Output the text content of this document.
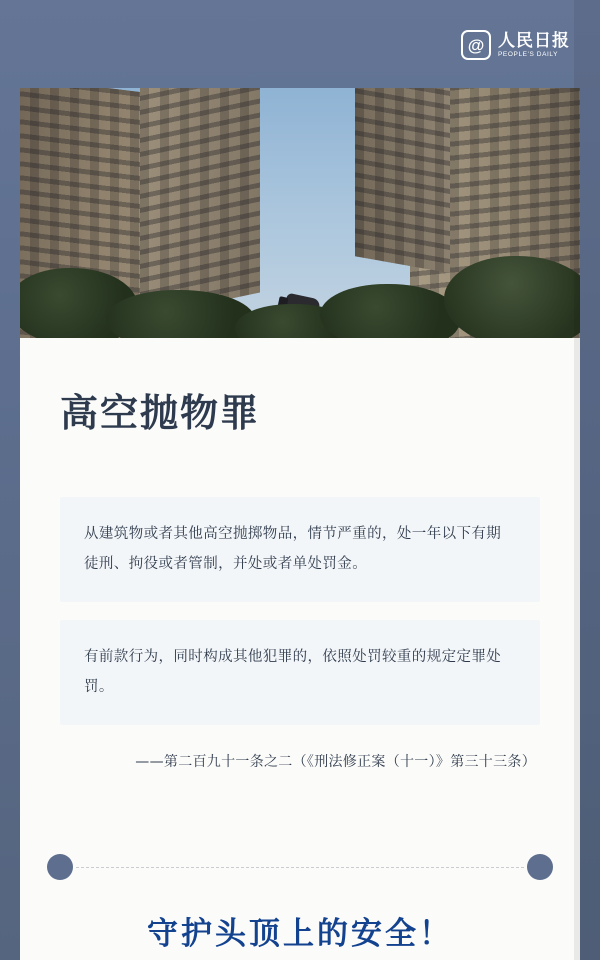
@ 人民日报
PEOPLE'S DAILY
高空抛物罪
从建筑物或者其他高空抛掷物品，情节严重的，处一年以下有期徒刑、拘役或者管制，并处或者单处罚金。
有前款行为，同时构成其他犯罪的，依照处罚较重的规定定罪处罚。
——第二百九十一条之二（《刑法修正案（十一）》第三十三条）
守护头顶上的安全！
